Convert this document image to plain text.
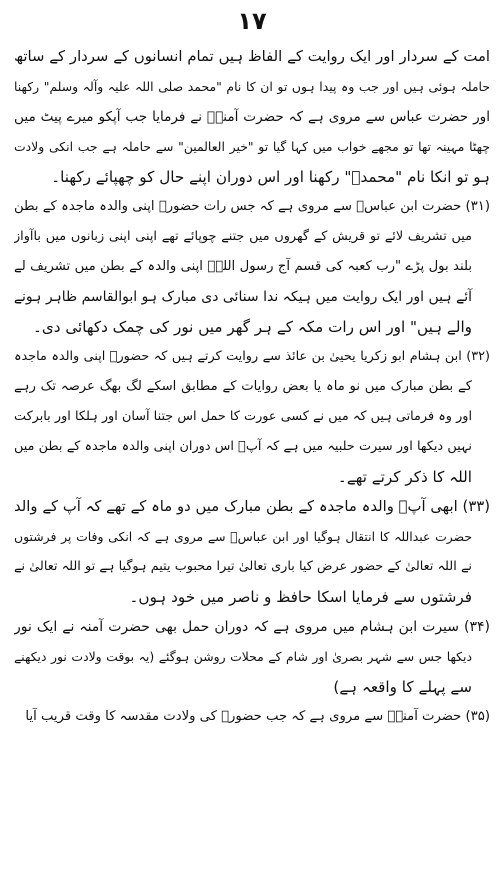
۱۷
امت کے سردار اور ایک روایت کے الفاظ ہیں تمام انسانوں کے سردار کے ساتھ
حاملہ ہوئی ہیں اور جب وہ پیدا ہوں تو ان کا نام "محمد صلی اللہ علیہ وآلہ وسلم" رکھنا
اور حضرت عباس سے مروی ہے کہ حضرت آمنہؓ نے فرمایا جب آپکو میرے پیٹ میں
چھٹا مہینہ تھا تو مجھے خواب میں کہا گیا تو "خیر العالمین" سے حاملہ ہے جب انکی ولادت
ہو تو انکا نام "محمدؐ" رکھنا اور اس دوران اپنے حال کو چھپائے رکھنا۔
(۳۱) حضرت ابن عباسؓ سے مروی ہے کہ جس رات حضورؐ اپنی والدہ ماجدہ کے بطن
میں تشریف لائے تو قریش کے گھروں میں جتنے چوپائے تھے اپنی اپنی زبانوں میں باآواز
بلند بول پڑے "رب کعبہ کی قسم آج رسول اللہؐ اپنی والدہ کے بطن میں تشریف لے
آئے ہیں اور ایک روایت میں ہیکہ ندا سنائی دی مبارک ہو ابوالقاسم ظاہر ہونے
والے ہیں" اور اس رات مکہ کے ہر گھر میں نور کی چمک دکھائی دی۔
(۳۲) ابن ہشام ابو زکریا یحییٰ بن عائذ سے روایت کرتے ہیں کہ حضورؐ اپنی والدہ ماجدہ
کے بطن مبارک میں نو ماہ یا بعض روایات کے مطابق اسکے لگ بھگ عرصہ تک رہے
اور وہ فرماتی ہیں کہ میں نے کسی عورت کا حمل اس جتنا آسان اور ہلکا اور بابرکت
نہیں دیکھا اور سیرت حلبیہ میں ہے کہ آپؐ اس دوران اپنی والدہ ماجدہ کے بطن میں
اللہ کا ذکر کرتے تھے۔
(۳۳) ابھی آپؐ والدہ ماجدہ کے بطن مبارک میں دو ماہ کے تھے کہ آپ کے والد
حضرت عبداللہ کا انتقال ہوگیا اور ابن عباسؓ سے مروی ہے کہ انکی وفات پر فرشتوں
نے اللہ تعالیٰ کے حضور عرض کیا باری تعالیٰ تیرا محبوب یتیم ہوگیا ہے تو اللہ تعالیٰ نے
فرشتوں سے فرمایا اسکا حافظ و ناصر میں خود ہوں۔
(۳۴) سیرت ابن ہشام میں مروی ہے کہ دوران حمل بھی حضرت آمنہ نے ایک نور
دیکھا جس سے شہر بصریٰ اور شام کے محلات روشن ہوگئے (یہ بوقت ولادت نور دیکھنے
سے پہلے کا واقعہ ہے)
(۳۵) حضرت آمنہؓ سے مروی ہے کہ جب حضورؐ کی ولادت مقدسہ کا وقت قریب آیا
